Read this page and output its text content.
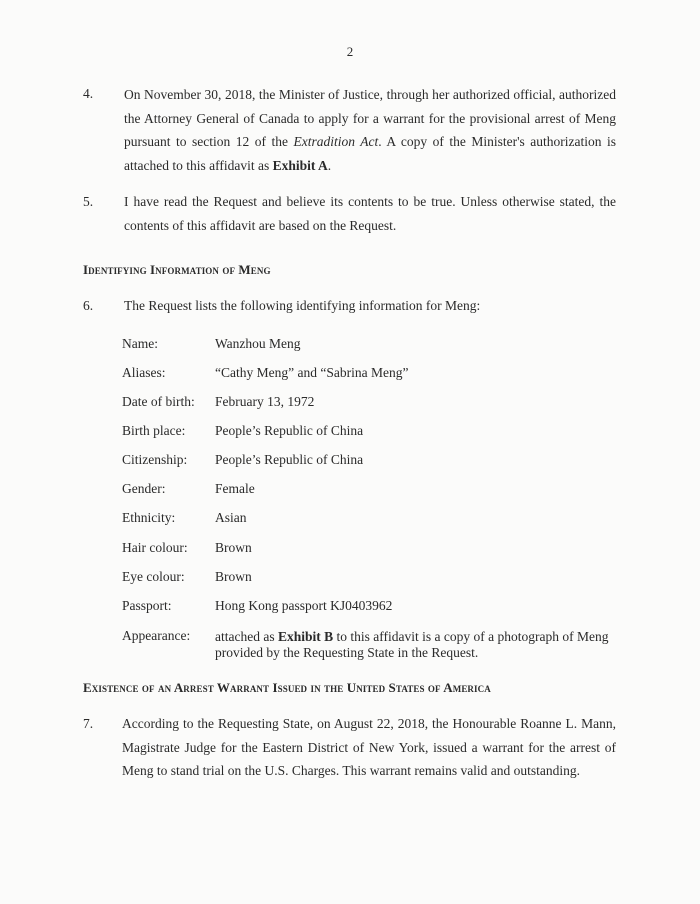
2
4. On November 30, 2018, the Minister of Justice, through her authorized official, authorized the Attorney General of Canada to apply for a warrant for the provisional arrest of Meng pursuant to section 12 of the Extradition Act. A copy of the Minister's authorization is attached to this affidavit as Exhibit A.
5. I have read the Request and believe its contents to be true. Unless otherwise stated, the contents of this affidavit are based on the Request.
Identifying Information of Meng
6. The Request lists the following identifying information for Meng:
Name:	Wanzhou Meng
Aliases:	“Cathy Meng” and “Sabrina Meng”
Date of birth: February 13, 1972
Birth place: People’s Republic of China
Citizenship: People’s Republic of China
Gender:	Female
Ethnicity:	Asian
Hair colour: Brown
Eye colour: Brown
Passport:	Hong Kong passport KJ0403962
Appearance: attached as Exhibit B to this affidavit is a copy of a photograph of Meng provided by the Requesting State in the Request.
Existence of an Arrest Warrant Issued in the United States of America
7. According to the Requesting State, on August 22, 2018, the Honourable Roanne L. Mann, Magistrate Judge for the Eastern District of New York, issued a warrant for the arrest of Meng to stand trial on the U.S. Charges. This warrant remains valid and outstanding.
